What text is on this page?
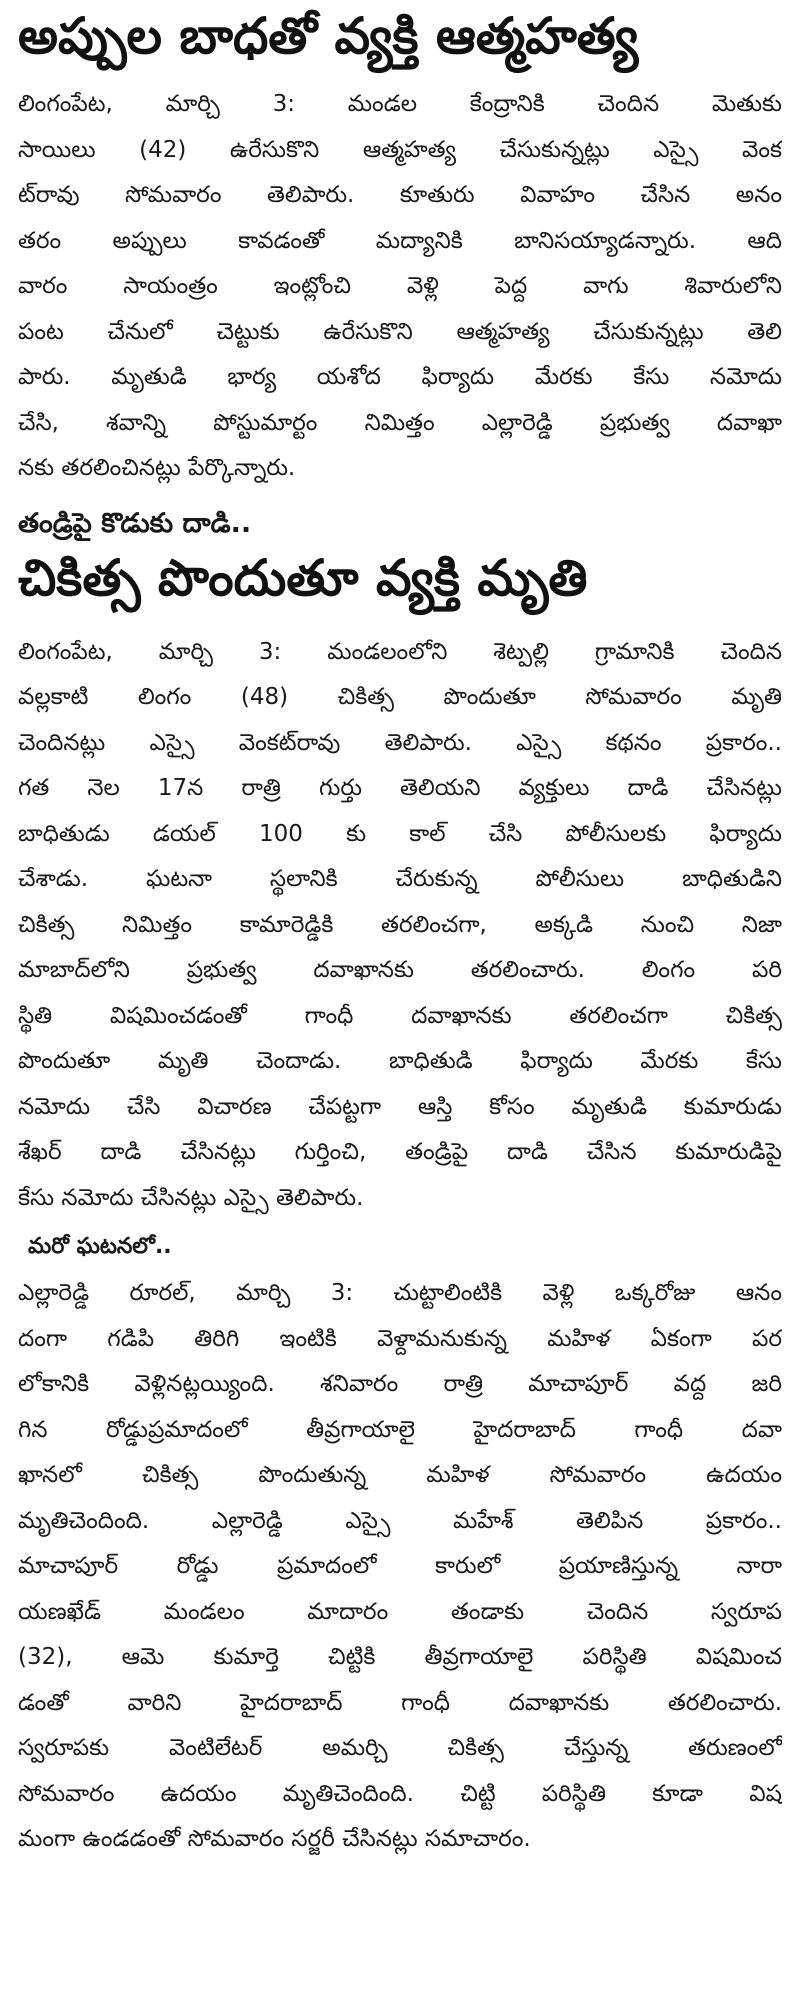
అప్పుల బాధతో వ్యక్తి ఆత్మహత్య
లింగంపేట, మార్చి 3: మండల కేంద్రానికి చెందిన మెతుకు
సాయిలు (42) ఉరేసుకొని ఆత్మహత్య చేసుకున్నట్లు ఎస్సై వెంక
ట్‌రావు సోమవారం తెలిపారు. కూతురు వివాహం చేసిన అనం
తరం అప్పులు కావడంతో మద్యానికి బానిసయ్యాడన్నారు. ఆది
వారం సాయంత్రం ఇంట్లోంచి వెళ్లి పెద్ద వాగు శివారులోని
పంట చేనులో చెట్టుకు ఉరేసుకొని ఆత్మహత్య చేసుకున్నట్లు తెలి
పారు. మృతుడి భార్య యశోద ఫిర్యాదు మేరకు కేసు నమోదు
చేసి, శవాన్ని పోస్టుమార్టం నిమిత్తం ఎల్లారెడ్డి ప్రభుత్వ దవాఖా
నకు తరలించినట్లు పేర్కొన్నారు.
తండ్రిపై కొడుకు దాడి..
చికిత్స పొందుతూ వ్యక్తి మృతి
లింగంపేట, మార్చి 3: మండలంలోని శెట్పల్లి గ్రామానికి చెందిన
వల్లకాటి లింగం (48) చికిత్స పొందుతూ సోమవారం మృతి
చెందినట్లు ఎస్సై వెంకట్‌రావు తెలిపారు. ఎస్సై కథనం ప్రకారం..
గత నెల 17న రాత్రి గుర్తు తెలియని వ్యక్తులు దాడి చేసినట్లు
బాధితుడు డయల్ 100 కు కాల్ చేసి పోలీసులకు ఫిర్యాదు
చేశాడు. ఘటనా స్థలానికి చేరుకున్న పోలీసులు బాధితుడిని
చికిత్స నిమిత్తం కామారెడ్డికి తరలించగా, అక్కడి నుంచి నిజా
మాబాద్‌లోని ప్రభుత్వ దవాఖానకు తరలించారు. లింగం పరి
స్థితి విషమించడంతో గాంధీ దవాఖానకు తరలించగా చికిత్స
పొందుతూ మృతి చెందాడు. బాధితుడి ఫిర్యాదు మేరకు కేసు
నమోదు చేసి విచారణ చేపట్టగా ఆస్తి కోసం మృతుడి కుమారుడు
శేఖర్ దాడి చేసినట్లు గుర్తించి, తండ్రిపై దాడి చేసిన కుమారుడిపై
కేసు నమోదు చేసినట్లు ఎస్సై తెలిపారు.
మరో ఘటనలో..
ఎల్లారెడ్డి రూరల్, మార్చి 3: చుట్టాలింటికి వెళ్లి ఒక్కరోజు ఆనం
దంగా గడిపి తిరిగి ఇంటికి వెళ్దామనుకున్న మహిళ ఏకంగా పర
లోకానికి వెళ్లినట్లయ్యింది. శనివారం రాత్రి మాచాపూర్ వద్ద జరి
గిన రోడ్డుప్రమాదంలో తీవ్రగాయాలై హైదరాబాద్ గాంధీ దవా
ఖానలో చికిత్స పొందుతున్న మహిళ సోమవారం ఉదయం
మృతిచెందింది. ఎల్లారెడ్డి ఎస్సై మహేశ్ తెలిపిన ప్రకారం..
మాచాపూర్ రోడ్డు ప్రమాదంలో కారులో ప్రయాణిస్తున్న నారా
యణఖేడ్ మండలం మాదారం తండాకు చెందిన స్వరూప
(32), ఆమె కుమార్తె చిట్టికి తీవ్రగాయాలై పరిస్థితి విషమించ
డంతో వారిని హైదరాబాద్ గాంధీ దవాఖానకు తరలించారు.
స్వరూపకు వెంటిలేటర్ అమర్చి చికిత్స చేస్తున్న తరుణంలో
సోమవారం ఉదయం మృతిచెందింది. చిట్టి పరిస్థితి కూడా విష
మంగా ఉండడంతో సోమవారం సర్జరీ చేసినట్లు సమాచారం.
